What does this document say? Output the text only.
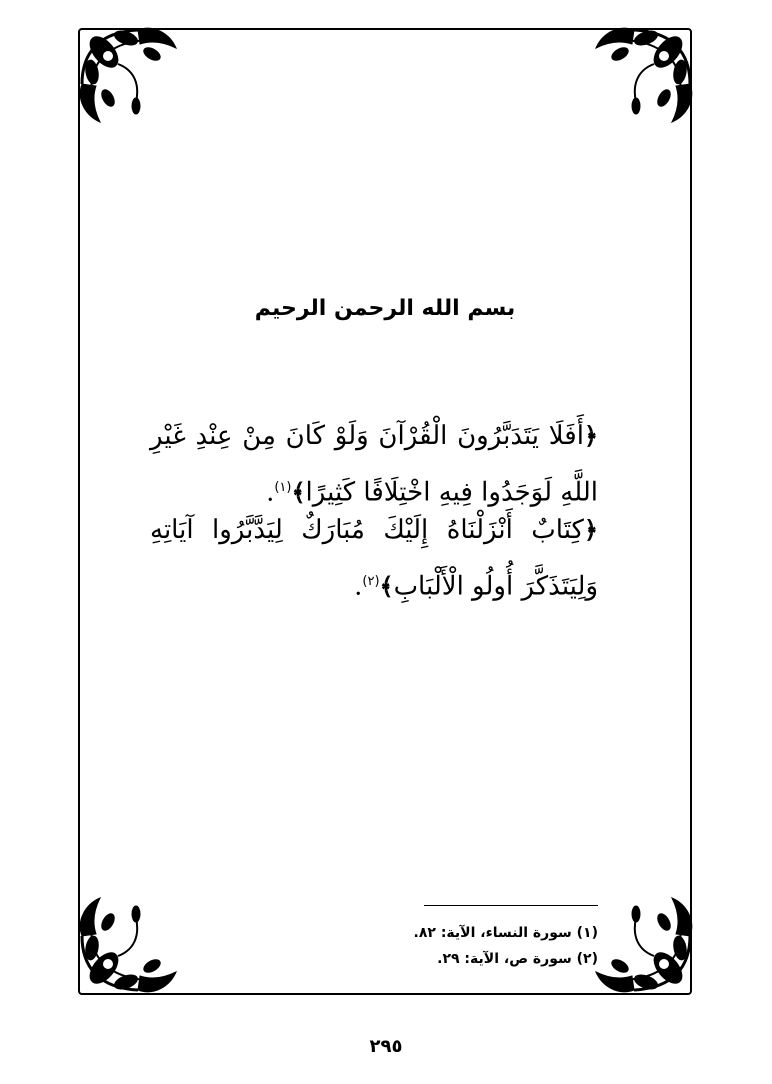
بسم الله الرحمن الرحيم
﴿أَفَلَا يَتَدَبَّرُونَ الْقُرْآنَ وَلَوْ كَانَ مِنْ عِنْدِ غَيْرِ اللَّهِ لَوَجَدُوا فِيهِ اخْتِلَافًا كَثِيرًا﴾$^{(١)}$.
﴿كِتَابٌ أَنْزَلْنَاهُ إِلَيْكَ مُبَارَكٌ لِيَدَّبَّرُوا آيَاتِهِ وَلِيَتَذَكَّرَ أُولُو الْأَلْبَابِ﴾$^{(٢)}$.
(١) سورة النساء، الآية: ٨٢.
(٢) سورة ص، الآية: ٢٩.
٢٩٥
